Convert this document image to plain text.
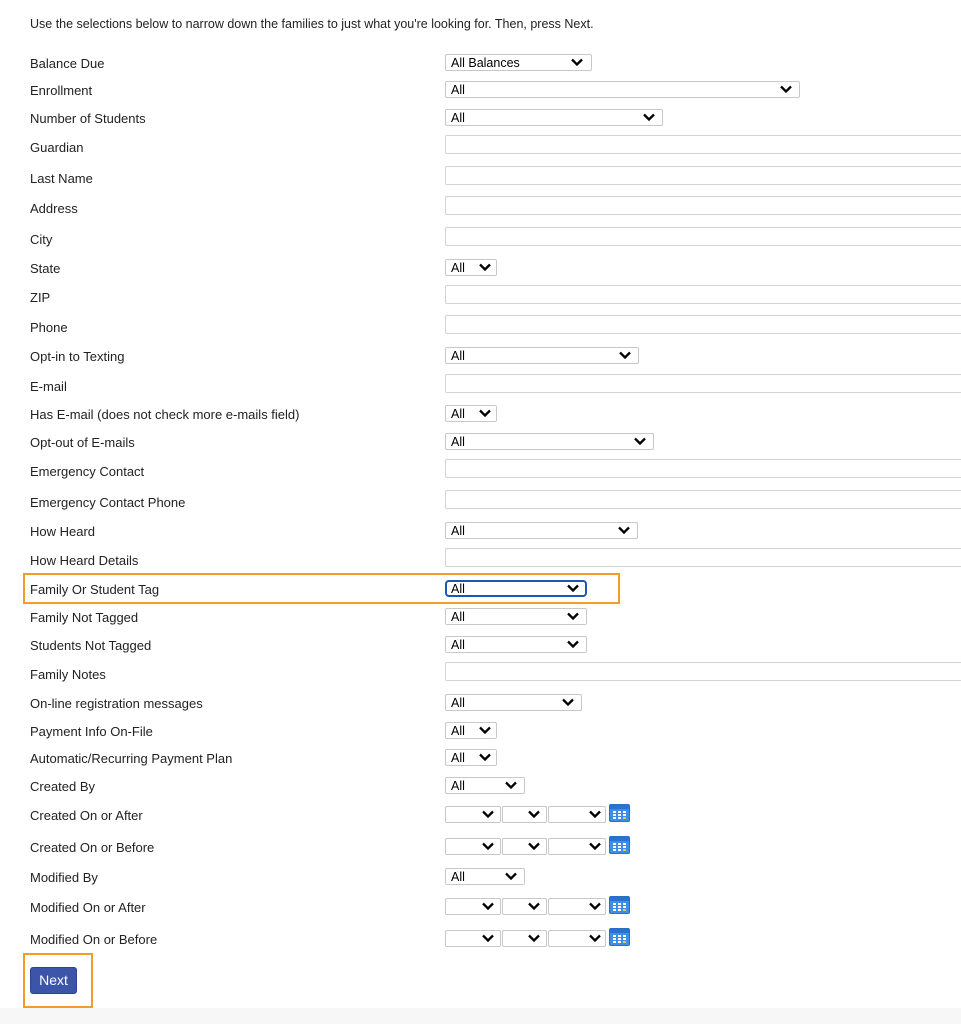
Use the selections below to narrow down the families to just what you're looking for. Then, press Next.
Balance Due	All Balances
Enrollment	All
Number of Students	All
Guardian
Last Name
Address
City
State	All
ZIP
Phone
Opt-in to Texting	All
E-mail
Has E-mail (does not check more e-mails field)	All
Opt-out of E-mails	All
Emergency Contact
Emergency Contact Phone
How Heard	All
How Heard Details
Family Or Student Tag	All
Family Not Tagged	All
Students Not Tagged	All
Family Notes
On-line registration messages	All
Payment Info On-File	All
Automatic/Recurring Payment Plan	All
Created By	All
Created On or After
Created On or Before
Modified By	All
Modified On or After
Modified On or Before
Next
